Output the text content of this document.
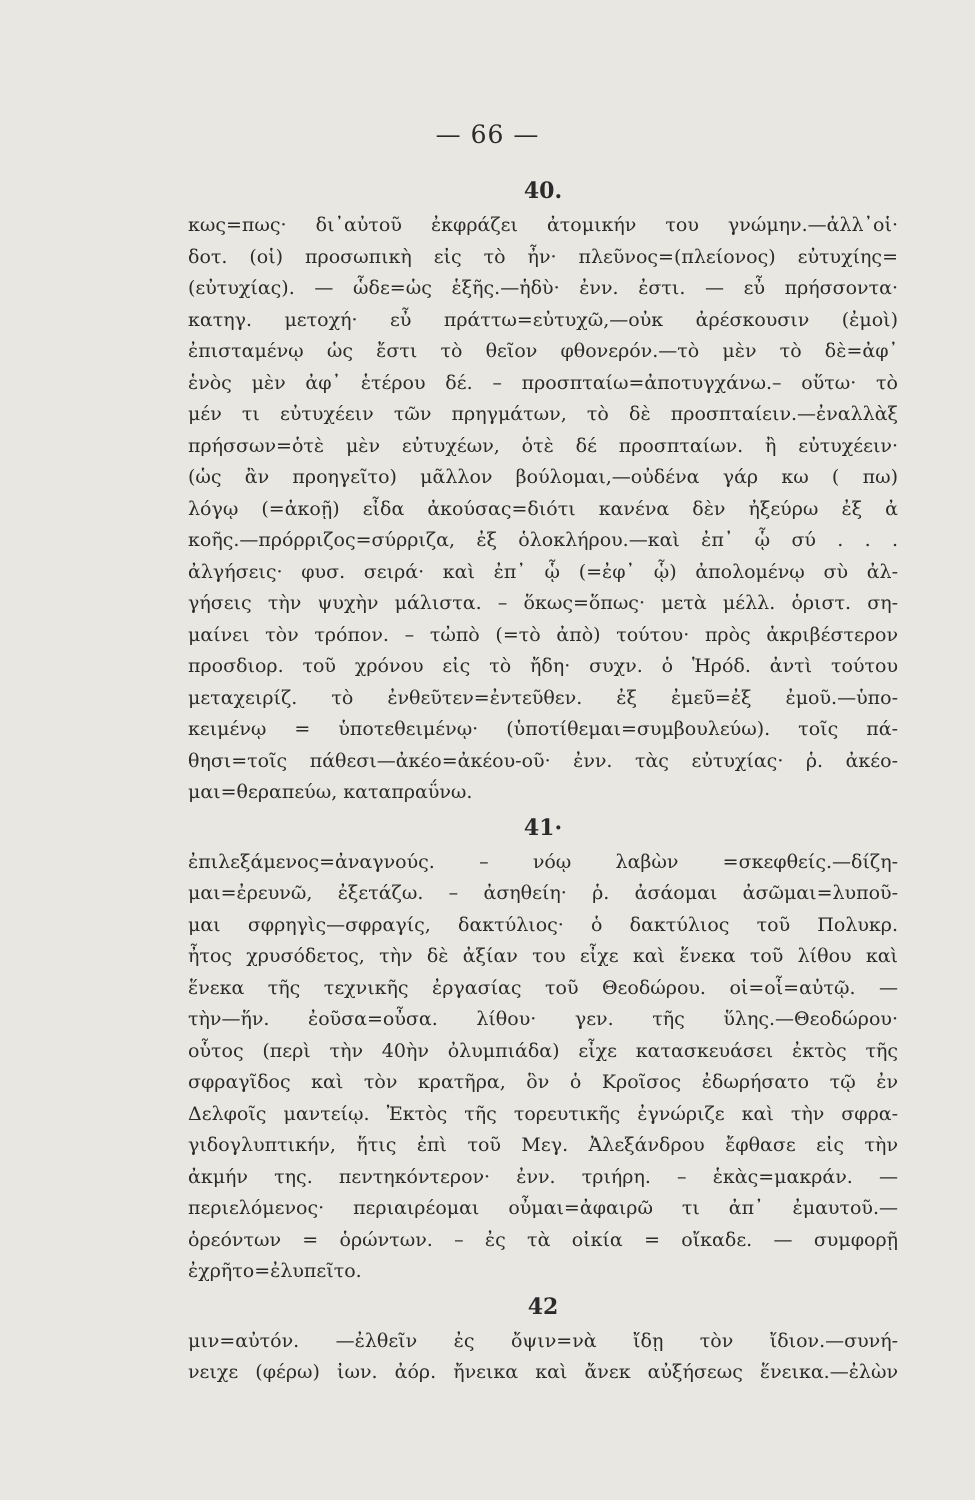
— 66 —
40.
κως=πως· δι᾿αὐτοῦ ἐκφράζει ἀτομικήν του γνώμην.—ἀλλ᾿οἱ·
δοτ. (οἱ) προσωπικὴ εἰς τὸ ἦν· πλεῦνος=(πλείονος) εὐτυχίης=
(εὐτυχίας). — ὧδε=ὡς ἑξῆς.—ἡδὺ· ἐνν. ἐστι. — εὖ πρήσσοντα·
κατηγ. μετοχή· εὖ πράττω=εὐτυχῶ,—οὐκ ἀρέσκουσιν (ἐμοὶ)
ἐπισταμένῳ ὡς ἔστι τὸ θεῖον φθονερόν.—τὸ μὲν τὸ δὲ=ἀφ᾿
ἑνὸς μὲν ἀφ᾿ ἑτέρου δέ. – προσπταίω=ἀποτυγχάνω.– οὕτω· τὸ
μέν τι εὐτυχέειν τῶν πρηγμάτων, τὸ δὲ προσπταίειν.—ἐναλλὰξ
πρήσσων=ὁτὲ μὲν εὐτυχέων, ὁτὲ δέ προσπταίων. ἢ εὐτυχέειν·
(ὡς ἂν προηγεῖτο) μᾶλλον βούλομαι,—οὐδένα γάρ κω ( πω)
λόγῳ (=ἀκοῇ) εἶδα ἀκούσας=διότι κανένα δὲν ἠξεύρω ἐξ ἀ
κοῆς.—πρόρριζος=σύρριζα, ἐξ ὁλοκλήρου.—καὶ ἐπ᾿ ᾧ σύ . . .
ἀλγήσεις· φυσ. σειρά· καὶ ἐπ᾿ ᾧ (=ἐφ᾿ ᾧ) ἀπολομένῳ σὺ ἀλ-
γήσεις τὴν ψυχὴν μάλιστα. – ὅκως=ὅπως· μετὰ μέλλ. ὁριστ. ση-
μαίνει τὸν τρόπον. – τὠπὸ (=τὸ ἀπὸ) τούτου· πρὸς ἀκριβέστερον
προσδιορ. τοῦ χρόνου εἰς τὸ ἤδη· συχν. ὁ Ἡρόδ. ἀντὶ τούτου
μεταχειρίζ. τὸ ἐνθεῦτεν=ἐντεῦθεν. ἐξ ἐμεῦ=ἐξ ἐμοῦ.—ὑπο-
κειμένῳ = ὑποτεθειμένῳ· (ὑποτίθεμαι=συμβουλεύω). τοῖς πά-
θησι=τοῖς πάθεσι—ἀκέο=ἀκέου-οῦ· ἐνν. τὰς εὐτυχίας· ῥ. ἀκέο-
μαι=θεραπεύω, καταπραΰνω.
41·
ἐπιλεξάμενος=ἀναγνούς. – νόῳ λαβὼν =σκεφθείς.—δίζη-
μαι=ἐρευνῶ, ἐξετάζω. – ἀσηθείη· ῥ. ἀσάομαι ἀσῶμαι=λυποῦ-
μαι σφρηγὶς—σφραγίς, δακτύλιος· ὁ δακτύλιος τοῦ Πολυκρ.
ἦτος χρυσόδετος, τὴν δὲ ἀξίαν του εἶχε καὶ ἕνεκα τοῦ λίθου καὶ
ἕνεκα τῆς τεχνικῆς ἐργασίας τοῦ Θεοδώρου. οἱ=οἷ=αὐτῷ. —
τὴν—ἥν. ἐοῦσα=οὖσα. λίθου· γεν. τῆς ὕλης.—Θεοδώρου·
οὗτος (περὶ τὴν 40ὴν ὀλυμπιάδα) εἶχε κατασκευάσει ἐκτὸς τῆς
σφραγῖδος καὶ τὸν κρατῆρα, ὃν ὁ Κροῖσος ἐδωρήσατο τῷ ἐν
Δελφοῖς μαντείῳ. Ἐκτὸς τῆς τορευτικῆς ἐγνώριζε καὶ τὴν σφρα-
γιδογλυπτικήν, ἥτις ἐπὶ τοῦ Μεγ. Ἀλεξάνδρου ἔφθασε εἰς τὴν
ἀκμήν της. πεντηκόντερον· ἐνν. τριήρη. – ἑκὰς=μακράν. —
περιελόμενος· περιαιρέομαι οὖμαι=ἀφαιρῶ τι ἀπ᾿ ἐμαυτοῦ.—
ὁρεόντων = ὁρώντων. – ἐς τὰ οἰκία = οἴκαδε. — συμφορῇ
ἐχρῆτο=ἐλυπεῖτο.
42
μιν=αὐτόν. —ἐλθεῖν ἐς ὄψιν=νὰ ἴδῃ τὸν ἴδιον.—συνή-
νειχε (φέρω) ἰων. ἀόρ. ἤνεικα καὶ ἄνεκ αὐξήσεως ἕνεικα.—ἐλὼν
